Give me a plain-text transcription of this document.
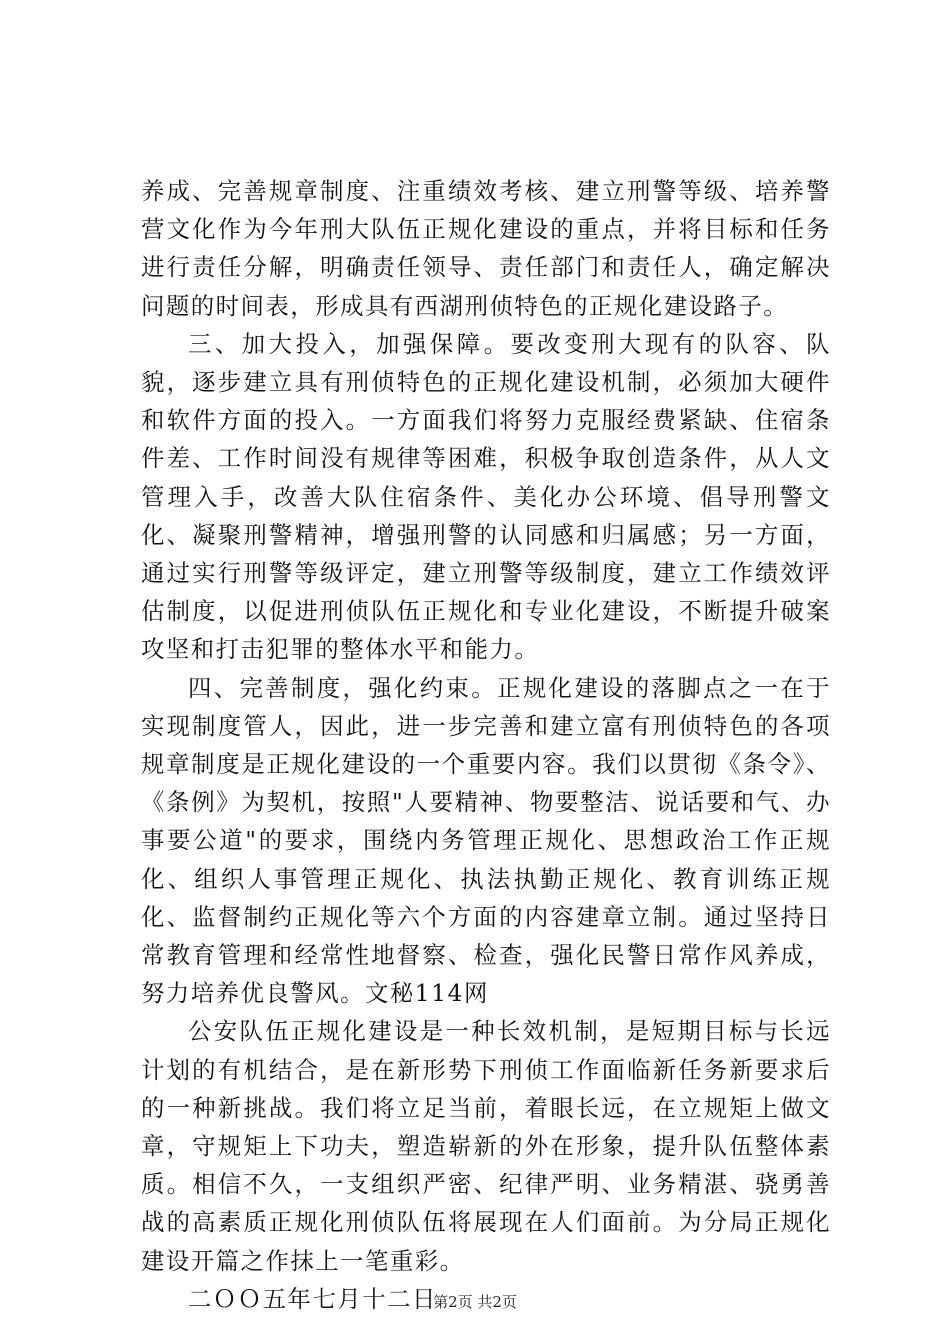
养成、完善规章制度、注重绩效考核、建立刑警等级、培养警营文化作为今年刑大队伍正规化建设的重点，并将目标和任务进行责任分解，明确责任领导、责任部门和责任人，确定解决问题的时间表，形成具有西湖刑侦特色的正规化建设路子。

三、加大投入，加强保障。要改变刑大现有的队容、队貌，逐步建立具有刑侦特色的正规化建设机制，必须加大硬件和软件方面的投入。一方面我们将努力克服经费紧缺、住宿条件差、工作时间没有规律等困难，积极争取创造条件，从人文管理入手，改善大队住宿条件、美化办公环境、倡导刑警文化、凝聚刑警精神，增强刑警的认同感和归属感；另一方面，通过实行刑警等级评定，建立刑警等级制度，建立工作绩效评估制度，以促进刑侦队伍正规化和专业化建设，不断提升破案攻坚和打击犯罪的整体水平和能力。

四、完善制度，强化约束。正规化建设的落脚点之一在于实现制度管人，因此，进一步完善和建立富有刑侦特色的各项规章制度是正规化建设的一个重要内容。我们以贯彻《条令》、《条例》为契机，按照"人要精神、物要整洁、说话要和气、办事要公道"的要求，围绕内务管理正规化、思想政治工作正规化、组织人事管理正规化、执法执勤正规化、教育训练正规化、监督制约正规化等六个方面的内容建章立制。通过坚持日常教育管理和经常性地督察、检查，强化民警日常作风养成，努力培养优良警风。文秘114网

公安队伍正规化建设是一种长效机制，是短期目标与长远计划的有机结合，是在新形势下刑侦工作面临新任务新要求后的一种新挑战。我们将立足当前，着眼长远，在立规矩上做文章，守规矩上下功夫，塑造崭新的外在形象，提升队伍整体素质。相信不久，一支组织严密、纪律严明、业务精湛、骁勇善战的高素质正规化刑侦队伍将展现在人们面前。为分局正规化建设开篇之作抹上一笔重彩。

二ＯＯ五年七月十二日

第2页 共2页
